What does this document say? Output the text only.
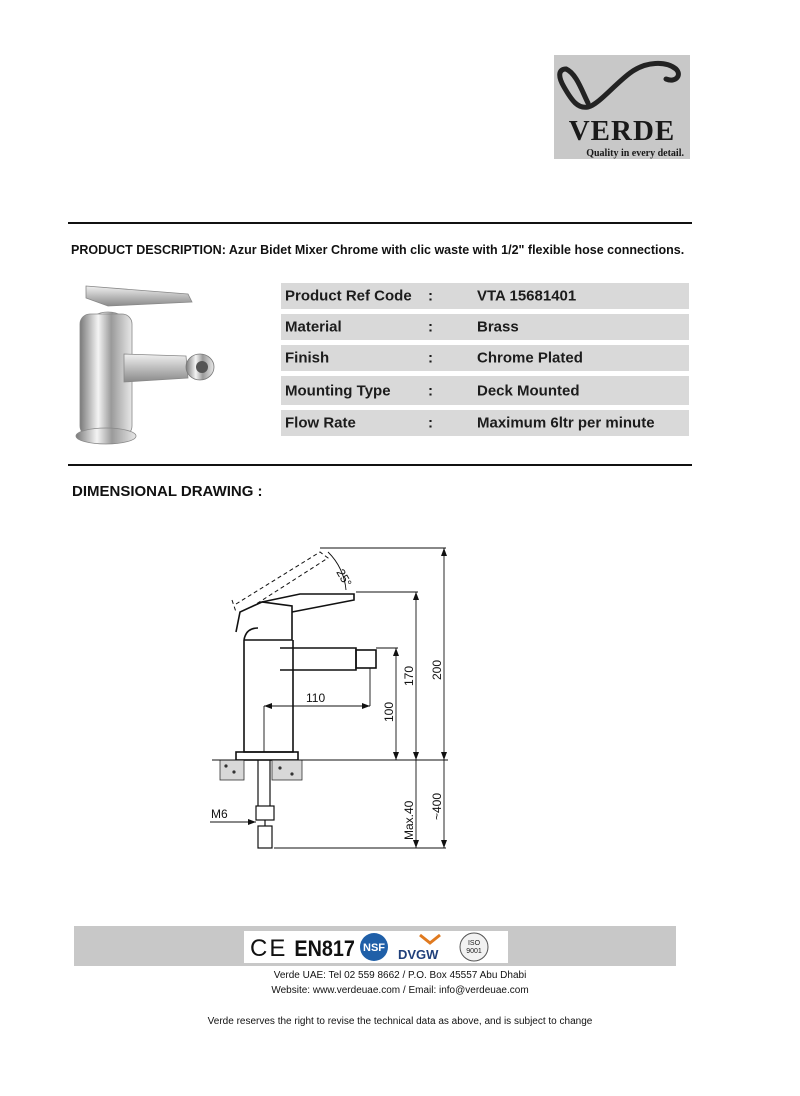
VERDE
Quality in every detail.
PRODUCT DESCRIPTION: Azur Bidet Mixer Chrome with clic waste with 1/2" flexible hose connections.
Product Ref Code :	VTA 15681401
Material	:	Brass
Finish	:	Chrome Plated
Mounting Type :	Deck Mounted
Flow Rate	:	Maximum 6ltr per minute
DIMENSIONAL DRAWING :
25°
110
100
170 200
Max.40 ~400
M6
CE EN817 NSF DVGW
ISO
9001
Verde UAE: Tel 02 559 8662 / P.O. Box 45557 Abu Dhabi
Website: www.verdeuae.com / Email: info@verdeuae.com
Verde reserves the right to revise the technical data as above, and is subject to change
